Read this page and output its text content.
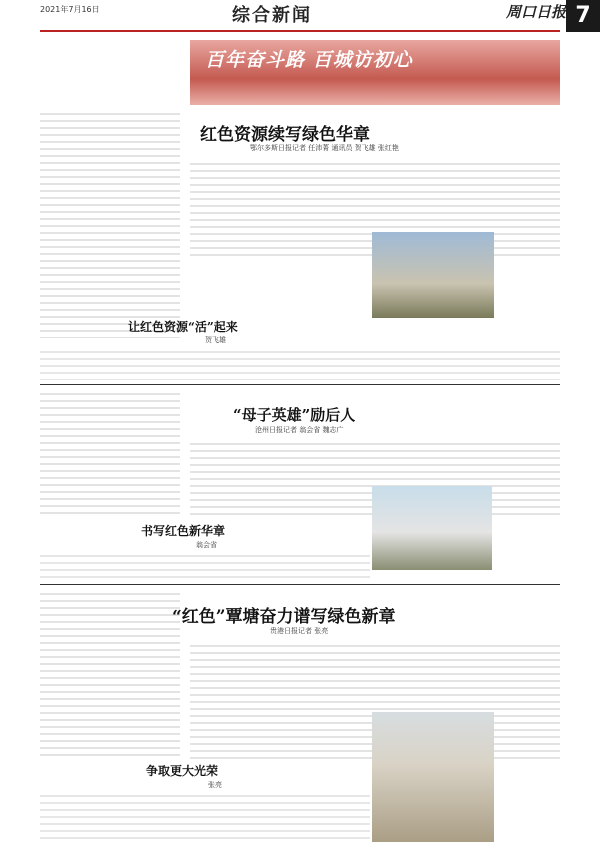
2021年7月16日	综合新闻	周口日报 7
百年奋斗路 百城访初心
红色资源续写绿色华章
鄂尔多斯日报记者 任沛菁 通讯员 贺飞雄 张红艳
让红色资源“活”起来
贺飞雄
“母子英雄”励后人
沧州日报记者 翁会省 魏志广
书写红色新华章
翁会省
“红色”覃塘奋力谱写绿色新章
贵港日报记者 张亮
争取更大光荣
张亮
